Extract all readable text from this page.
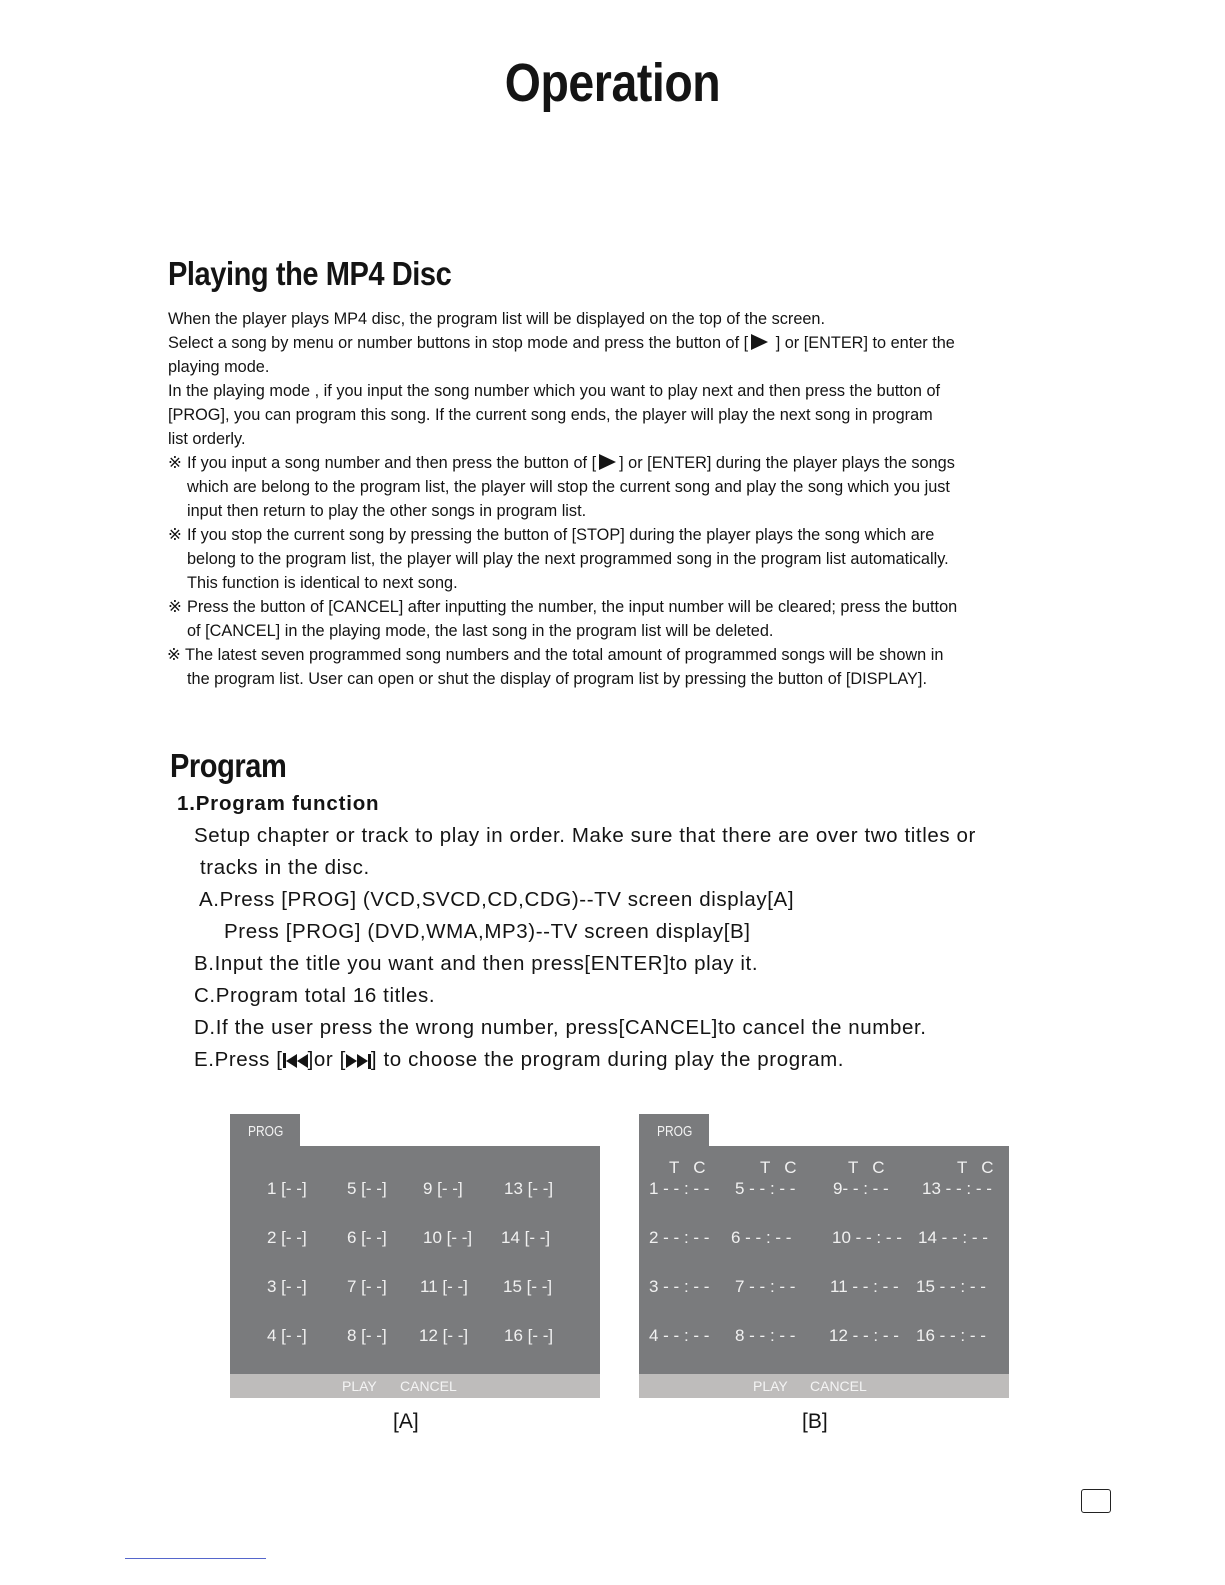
Operation
Playing the MP4 Disc

When the player plays MP4 disc, the program list will be displayed on the top of the screen.

Select a song by menu or number buttons in stop mode and press the button of [ ] or [ENTER] to enter the

playing mode.

In the playing mode , if you input the song number which you want to play next and then press the button of

[PROG], you can program this song. If the current song ends, the player will play the next song in program

list orderly.

※ If you input a song number and then press the button of [ ] or [ENTER] during the player plays the songs

which are belong to the program list, the player will stop the current song and play the song which you just

input then return to play the other songs in program list.

※ If you stop the current song by pressing the button of [STOP] during the player plays the song which are

belong to the program list, the player will play the next programmed song in the program list automatically.

This function is identical to next song.

※ Press the button of [CANCEL] after inputting the number, the input number will be cleared; press the button

of [CANCEL] in the playing mode, the last song in the program list will be deleted.

※ The latest seven programmed song numbers and the total amount of programmed songs will be shown in

the program list. User can open or shut the display of program list by pressing the button of [DISPLAY].

Program
1.Program function
Setup chapter or track to play in order. Make sure that there are over two titles or
tracks in the disc.
A.Press [PROG] (VCD,SVCD,CD,CDG)--TV screen display[A]
Press [PROG] (DVD,WMA,MP3)--TV screen display[B]
B.Input the title you want and then press[ENTER]to play it.
C.Program total 16 titles.
D.If the user press the wrong number, press[CANCEL]to cancel the number.
E.Press [ ]or [ ] to choose the program during play the program.
PROG
1 [- -] 5 [- -] 9 [- -] 13 [- -]
2 [- -] 6 [- -] 10 [- -] 14 [- -]
3 [- -] 7 [- -] 11 [- -] 15 [- -]
4 [- -] 8 [- -] 12 [- -] 16 [- -]
PLAY CANCEL
[A]
PROG
T   C	T   C	T   C	T   C
1 - - : - - 5 - - : - - 9- - : - - 13 - - : - -
2 - - : - - 6 - - : - - 10 - - : - - 14 - - : - -
3 - - : - - 7 - - : - - 11 - - : - - 15 - - : - -
4 - - : - - 8 - - : - - 12 - - : - - 16 - - : - -
PLAY CANCEL
[B]
